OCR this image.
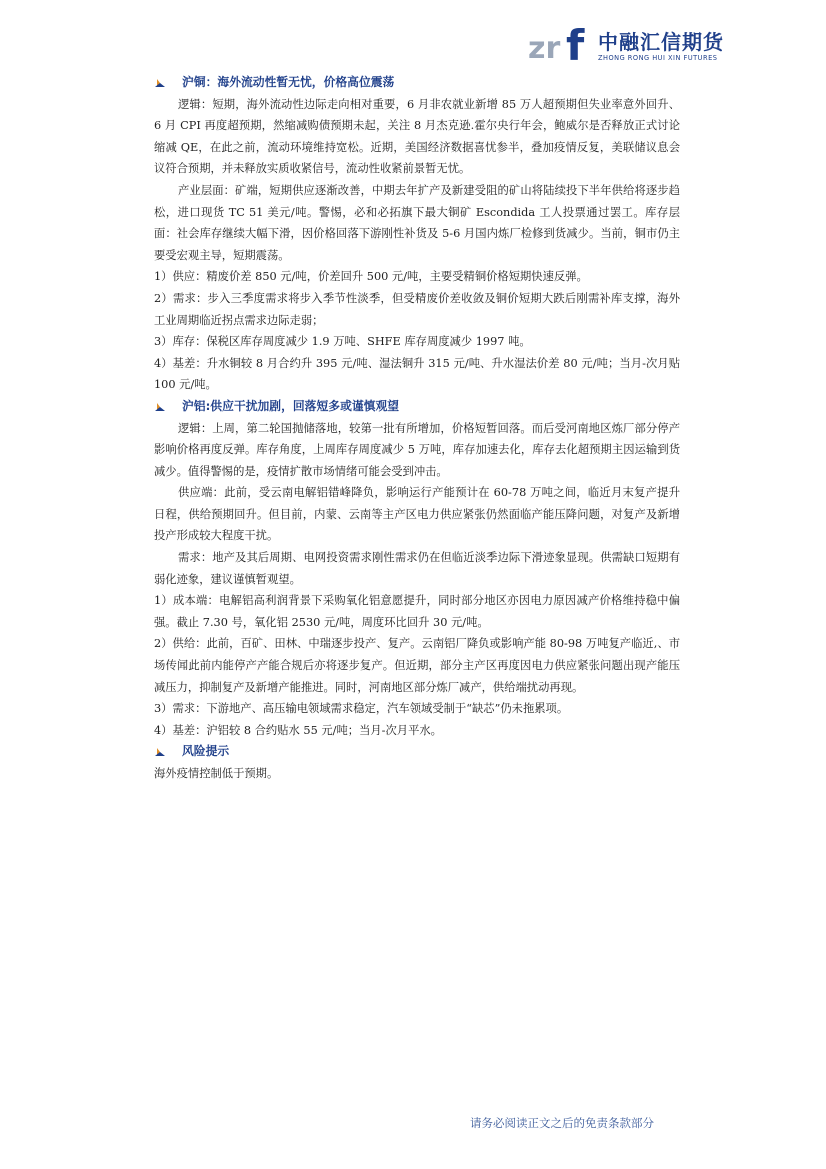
zr f 中融汇信期货
ZHONG RONG HUI XIN FUTURES
沪铜：海外流动性暂无忧，价格高位震荡

逻辑：短期，海外流动性边际走向相对重要，6 月非农就业新增 85 万人超预期但失业率意外回升、6 月 CPI 再度超预期，然缩减购债预期未起，关注 8 月杰克逊.霍尔央行年会，鲍威尔是否释放正式讨论缩减 QE，在此之前，流动环境维持宽松。近期，美国经济数据喜忧参半，叠加疫情反复，美联储议息会议符合预期，并未释放实质收紧信号，流动性收紧前景暂无忧。

产业层面：矿端，短期供应逐渐改善，中期去年扩产及新建受阻的矿山将陆续投下半年供给将逐步趋松，进口现货 TC 51 美元/吨。警惕，必和必拓旗下最大铜矿 Escondida 工人投票通过罢工。库存层面：社会库存继续大幅下滑，因价格回落下游刚性补货及 5-6 月国内炼厂检修到货减少。当前，铜市仍主要受宏观主导，短期震荡。

1）供应：精废价差 850 元/吨，价差回升 500 元/吨，主要受精铜价格短期快速反弹。

2）需求：步入三季度需求将步入季节性淡季，但受精废价差收敛及铜价短期大跌后刚需补库支撑，海外工业周期临近拐点需求边际走弱；

3）库存：保税区库存周度减少 1.9 万吨、SHFE 库存周度减少 1997 吨。

4）基差：升水铜较 8 月合约升 395 元/吨、湿法铜升 315 元/吨、升水湿法价差 80 元/吨；当月-次月贴 100 元/吨。

沪铝:供应干扰加剧，回落短多或谨慎观望

逻辑：上周，第二轮国抛储落地，较第一批有所增加，价格短暂回落。而后受河南地区炼厂部分停产影响价格再度反弹。库存角度，上周库存周度减少 5 万吨，库存加速去化，库存去化超预期主因运输到货减少。值得警惕的是，疫情扩散市场情绪可能会受到冲击。

供应端：此前，受云南电解铝错峰降负，影响运行产能预计在 60-78 万吨之间，临近月末复产提升日程，供给预期回升。但目前，内蒙、云南等主产区电力供应紧张仍然面临产能压降问题，对复产及新增投产形成较大程度干扰。

需求：地产及其后周期、电网投资需求刚性需求仍在但临近淡季边际下滑迹象显现。供需缺口短期有弱化迹象，建议谨慎暂观望。

1）成本端：电解铝高利润背景下采购氧化铝意愿提升，同时部分地区亦因电力原因减产价格维持稳中偏强。截止 7.30 号，氧化铝 2530 元/吨，周度环比回升 30 元/吨。

2）供给：此前，百矿、田林、中瑞逐步投产、复产。云南铝厂降负或影响产能 80-98 万吨复产临近,、市场传闻此前内能停产产能合规后亦将逐步复产。但近期，部分主产区再度因电力供应紧张问题出现产能压减压力，抑制复产及新增产能推进。同时，河南地区部分炼厂减产，供给端扰动再现。

3）需求：下游地产、高压输电领域需求稳定，汽车领域受制于“缺芯”仍未拖累项。

4）基差：沪铝较 8 合约贴水 55 元/吨；当月-次月平水。

风险提示

海外疫情控制低于预期。

请务必阅读正文之后的免责条款部分
